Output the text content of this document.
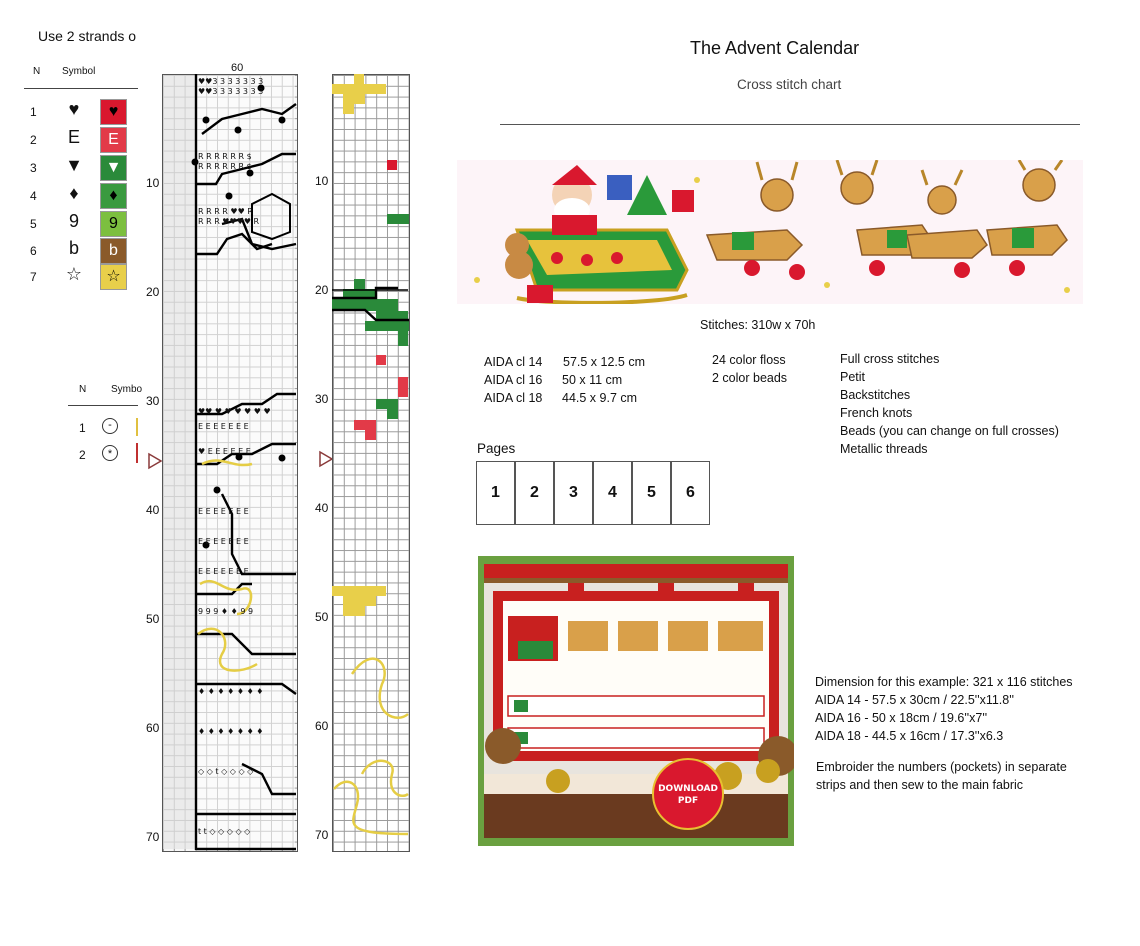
Use 2 strands o
The Advent Calendar
Cross stitch chart
N Symbol
1	♥	♥
2	E	E
3 ▼	▼
4	♦	♦
5	9	9
6	b	b
7 ☆	☆
N Symbo
1	-
2	*
60
♥♥3 3 3 3 3 3 3
♥♥3 3 3 3 3 3 3
R R R R R R $
R R R R R R $
R R R R ♥♥ R
R R R ♥♥♥♥ R
♥♥ ♥ ♥ ♥ ♥ ♥ ♥
E E E E E E E
♥ E E E E E E
E E E E E E E
E E E E E E E
E E E E E E E
9 9 9 ♦ ♦ 9 9
♦ ♦ ♦ ♦ ♦ ♦ ♦
♦ ♦ ♦ ♦ ♦ ♦ ♦
◇ ◇ t ◇ ◇ ◇ ◇
t t ◇ ◇ ◇ ◇ ◇
10
20
30
40
50
60
70
10
20
30
40
50
60
70
Stitches: 310w x 70h
AIDA cl 14 57.5 x 12.5 cm
AIDA cl 16 50 x 11 cm
AIDA cl 18 44.5 x 9.7 cm
24 color floss
2 color beads
Full cross stitches
Petit
Backstitches
French knots
Beads (you can change on full crosses)
Metallic threads
Pages
1	2	3	4	5	6
DOWNLOAD
PDF
Dimension for this example: 321 x 116 stitches
AIDA 14 - 57.5 x 30cm / 22.5''x11.8''
AIDA 16 - 50 x 18cm / 19.6''x7''
AIDA 18 - 44.5 x 16cm / 17.3''x6.3
Embroider the numbers (pockets) in separate
strips and then sew to the main fabric
